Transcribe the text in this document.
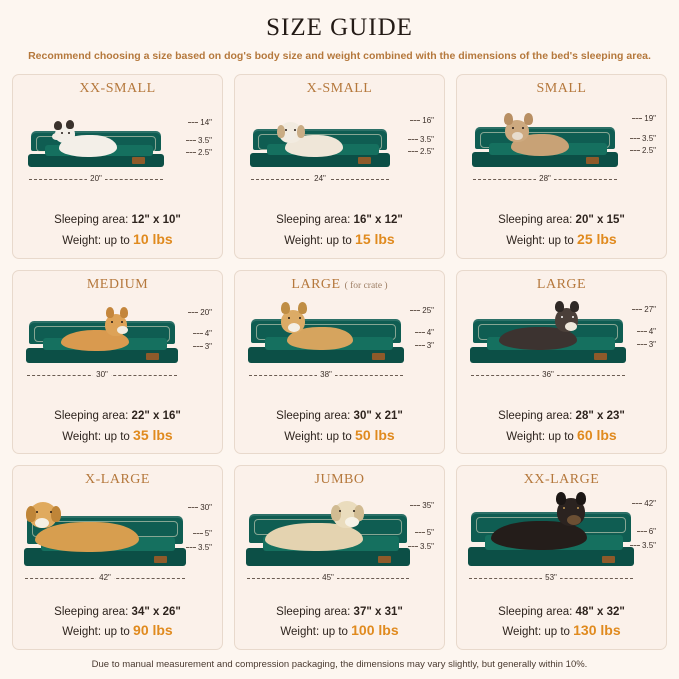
SIZE GUIDE
Recommend choosing a size based on dog's body size and weight combined with the dimensions of the bed's sleeping area.
XX-SMALL
14"
3.5"
2.5"
20"
Sleeping area: 12" x 10"
Weight: up to 10 lbs
X-SMALL
16"
3.5"
2.5"
24"
Sleeping area: 16" x 12"
Weight: up to 15 lbs
SMALL
19"
3.5"
2.5"
28"
Sleeping area: 20" x 15"
Weight: up to 25 lbs
MEDIUM
20"
4"
3"
30"
Sleeping area: 22" x 16"
Weight: up to 35 lbs
LARGE ( for crate )
25"
4"
3"
38"
Sleeping area: 30" x 21"
Weight: up to 50 lbs
LARGE
27"
4"
3"
36"
Sleeping area: 28" x 23"
Weight: up to 60 lbs
X-LARGE
30"
5"
3.5"
42"
Sleeping area: 34" x 26"
Weight: up to 90 lbs
JUMBO
35"
5"
3.5"
45"
Sleeping area: 37" x 31"
Weight: up to 100 lbs
XX-LARGE
42"
6"
3.5"
53"
Sleeping area: 48" x 32"
Weight: up to 130 lbs
Due to manual measurement and compression packaging, the dimensions may vary slightly, but generally within 10%.
